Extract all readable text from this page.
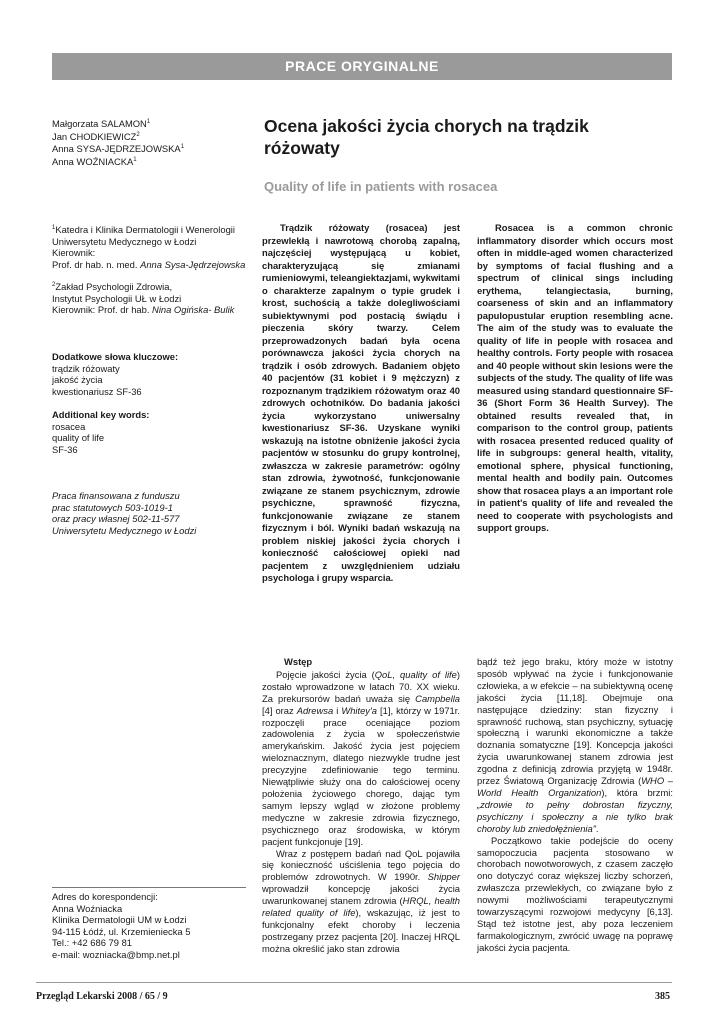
PRACE ORYGINALNE
Małgorzata SALAMON$^1$
Jan CHODKIEWICZ$^2$
Anna SYSA-JĘDRZEJOWSKA$^1$
Anna WOŹNIACKA$^1$
Ocena jakości życia chorych na trądzik różowaty
Quality of life in patients with rosacea
$^1$Katedra i Klinika Dermatologii i Wenerologii
Uniwersytetu Medycznego w Łodzi
Kierownik:
Prof. dr hab. n. med. Anna Sysa-Jędrzejowska
$^2$Zakład Psychologii Zdrowia,
Instytut Psychologii UŁ w Łodzi
Kierownik: Prof. dr hab. Nina Ogińska- Bulik
Dodatkowe słowa kluczowe:
trądzik różowaty
jakość życia
kwestionariusz SF-36
Additional key words:
rosacea
quality of life
SF-36
Praca finansowana z funduszu
prac statutowych 503-1019-1
oraz pracy własnej 502-11-577
Uniwersytetu Medycznego w Łodzi
Adres do korespondencji:
Anna Woźniacka
Klinika Dermatologii UM w Łodzi
94-115 Łódź, ul. Krzemieniecka 5
Tel.: +42 686 79 81
e-mail: wozniacka@bmp.net.pl
Trądzik różowaty (rosacea) jest przewlekłą i nawrotową chorobą zapalną, najczęściej występującą u kobiet, charakteryzującą się zmianami rumieniowymi, teleangiektazjami, wykwitami o charakterze zapalnym o typie grudek i krost, suchością a także dolegliwościami subiektywnymi pod postacią świądu i pieczenia skóry twarzy. Celem przeprowadzonych badań była ocena porównawcza jakości życia chorych na trądzik i osób zdrowych. Badaniem objęto 40 pacjentów (31 kobiet i 9 mężczyzn) z rozpoznanym trądzikiem różowatym oraz 40 zdrowych ochotników. Do badania jakości życia wykorzystano uniwersalny kwestionariusz SF-36. Uzyskane wyniki wskazują na istotne obniżenie jakości życia pacjentów w stosunku do grupy kontrolnej, zwłaszcza w zakresie parametrów: ogólny stan zdrowia, żywotność, funkcjonowanie związane ze stanem psychicznym, zdrowie psychiczne, sprawność fizyczna, funkcjonowanie związane ze stanem fizycznym i ból. Wyniki badań wskazują na problem niskiej jakości życia chorych i konieczność całościowej opieki nad pacjentem z uwzględnieniem udziału psychologa i grupy wsparcia.
Rosacea is a common chronic inflammatory disorder which occurs most often in middle-aged women characterized by symptoms of facial flushing and a spectrum of clinical sings including erythema, telangiectasia, burning, coarseness of skin and an inflammatory papulopustular eruption resembling acne. The aim of the study was to evaluate the quality of life in people with rosacea and healthy controls. Forty people with rosacea and 40 people without skin lesions were the subjects of the study. The quality of life was measured using standard questionnaire SF-36 (Short Form 36 Health Survey). The obtained results revealed that, in comparison to the control group, patients with rosacea presented reduced quality of life in subgroups: general health, vitality, emotional sphere, physical functioning, mental health and bodily pain. Outcomes show that rosacea plays a an important role in patient's quality of life and revealed the need to cooperate with psychologists and support groups.
Wstęp

Pojęcie jakości życia (QoL, quality of life) zostało wprowadzone w latach 70. XX wieku. Za prekursorów badań uważa się Campbella [4] oraz Adrewsa i Whitey'a [1], którzy w 1971r. rozpoczęli prace oceniające poziom zadowolenia z życia w społeczeństwie amerykańskim. Jakość życia jest pojęciem wieloznacznym, dlatego niezwykle trudne jest precyzyjne zdefiniowanie tego terminu. Niewątpliwie służy ona do całościowej oceny położenia życiowego chorego, dając tym samym lepszy wgląd w złożone problemy medyczne w zakresie zdrowia fizycznego, psychicznego oraz środowiska, w którym pacjent funkcjonuje [19].

Wraz z postępem badań nad QoL pojawiła się konieczność uściślenia tego pojęcia do problemów zdrowotnych. W 1990r. Shipper wprowadził koncepcję jakości życia uwarunkowanej stanem zdrowia (HRQL, health related quality of life), wskazując, iż jest to funkcjonalny efekt choroby i leczenia postrzegany przez pacjenta [20]. Inaczej HRQL można określić jako stan zdrowia

bądź też jego braku, który może w istotny sposób wpływać na życie i funkcjonowanie człowieka, a w efekcie – na subiektywną ocenę jakości życia [11,18]. Obejmuje ona następujące dziedziny: stan fizyczny i sprawność ruchową, stan psychiczny, sytuację społeczną i warunki ekonomiczne a także doznania somatyczne [19]. Koncepcja jakości życia uwarunkowanej stanem zdrowia jest zgodna z definicją zdrowia przyjętą w 1948r. przez Światową Organizację Zdrowia (WHO – World Health Organization), która brzmi: „zdrowie to pełny dobrostan fizyczny, psychiczny i społeczny a nie tylko brak choroby lub zniedołężnienia”.

Początkowo takie podejście do oceny samopoczucia pacjenta stosowano w chorobach nowotworowych, z czasem zaczęło ono dotyczyć coraz większej liczby schorzeń, zwłaszcza przewlekłych, co związane było z nowymi możliwościami terapeutycznymi towarzyszącymi rozwojowi medycyny [6,13]. Stąd też istotne jest, aby poza leczeniem farmakologicznym, zwrócić uwagę na poprawę jakości życia pacjenta.

Przegląd Lekarski 2008 / 65 / 9	385
